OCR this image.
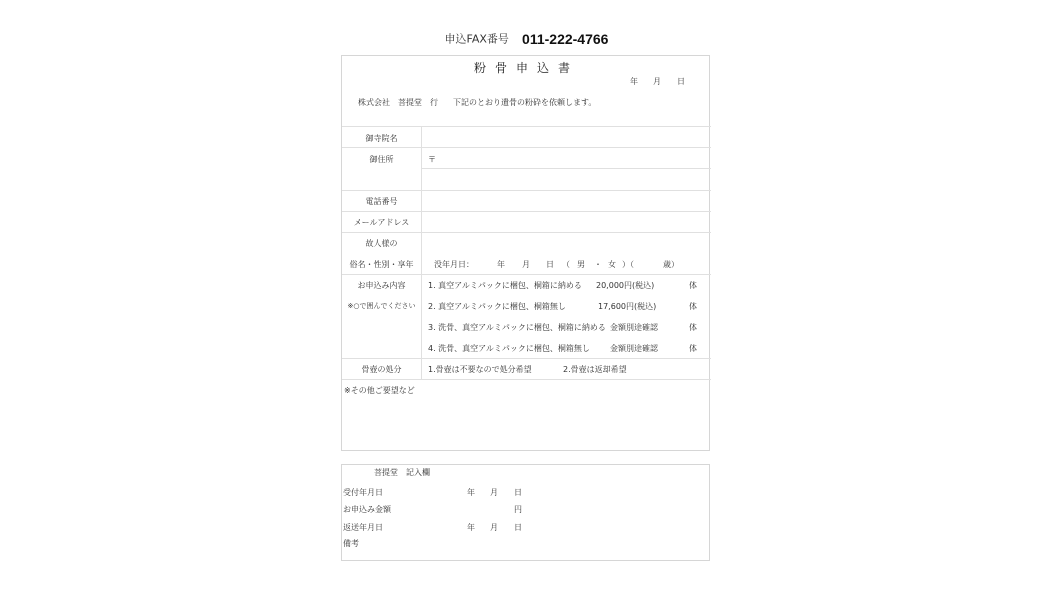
申込FAX番号 011-222-4766
粉骨申込書
年 月 日
株式会社　菩提堂　行 下記のとおり遺骨の粉砕を依頼します。
御寺院名
御住所	〒
電話番号
メールアドレス
故人様の
俗名・性別・享年	没年月日：	年 月 日 （ 男 ・ 女 ）（	歳）
お申込み内容
※○で囲んでください
1. 真空アルミパックに梱包、桐箱に納める 20,000円(税込)	体
2. 真空アルミパックに梱包、桐箱無し	17,600円(税込)	体
3. 洗骨、真空アルミパックに梱包、桐箱に納める 金額別途確認	体
4. 洗骨、真空アルミパックに梱包、桐箱無し	金額別途確認	体
骨壺の処分	1.骨壺は不要なので処分希望	2.骨壺は返却希望
※その他ご要望など
菩提堂　記入欄
受付年月日	年 月 日
お申込み金額	円
返送年月日	年 月 日
備考
